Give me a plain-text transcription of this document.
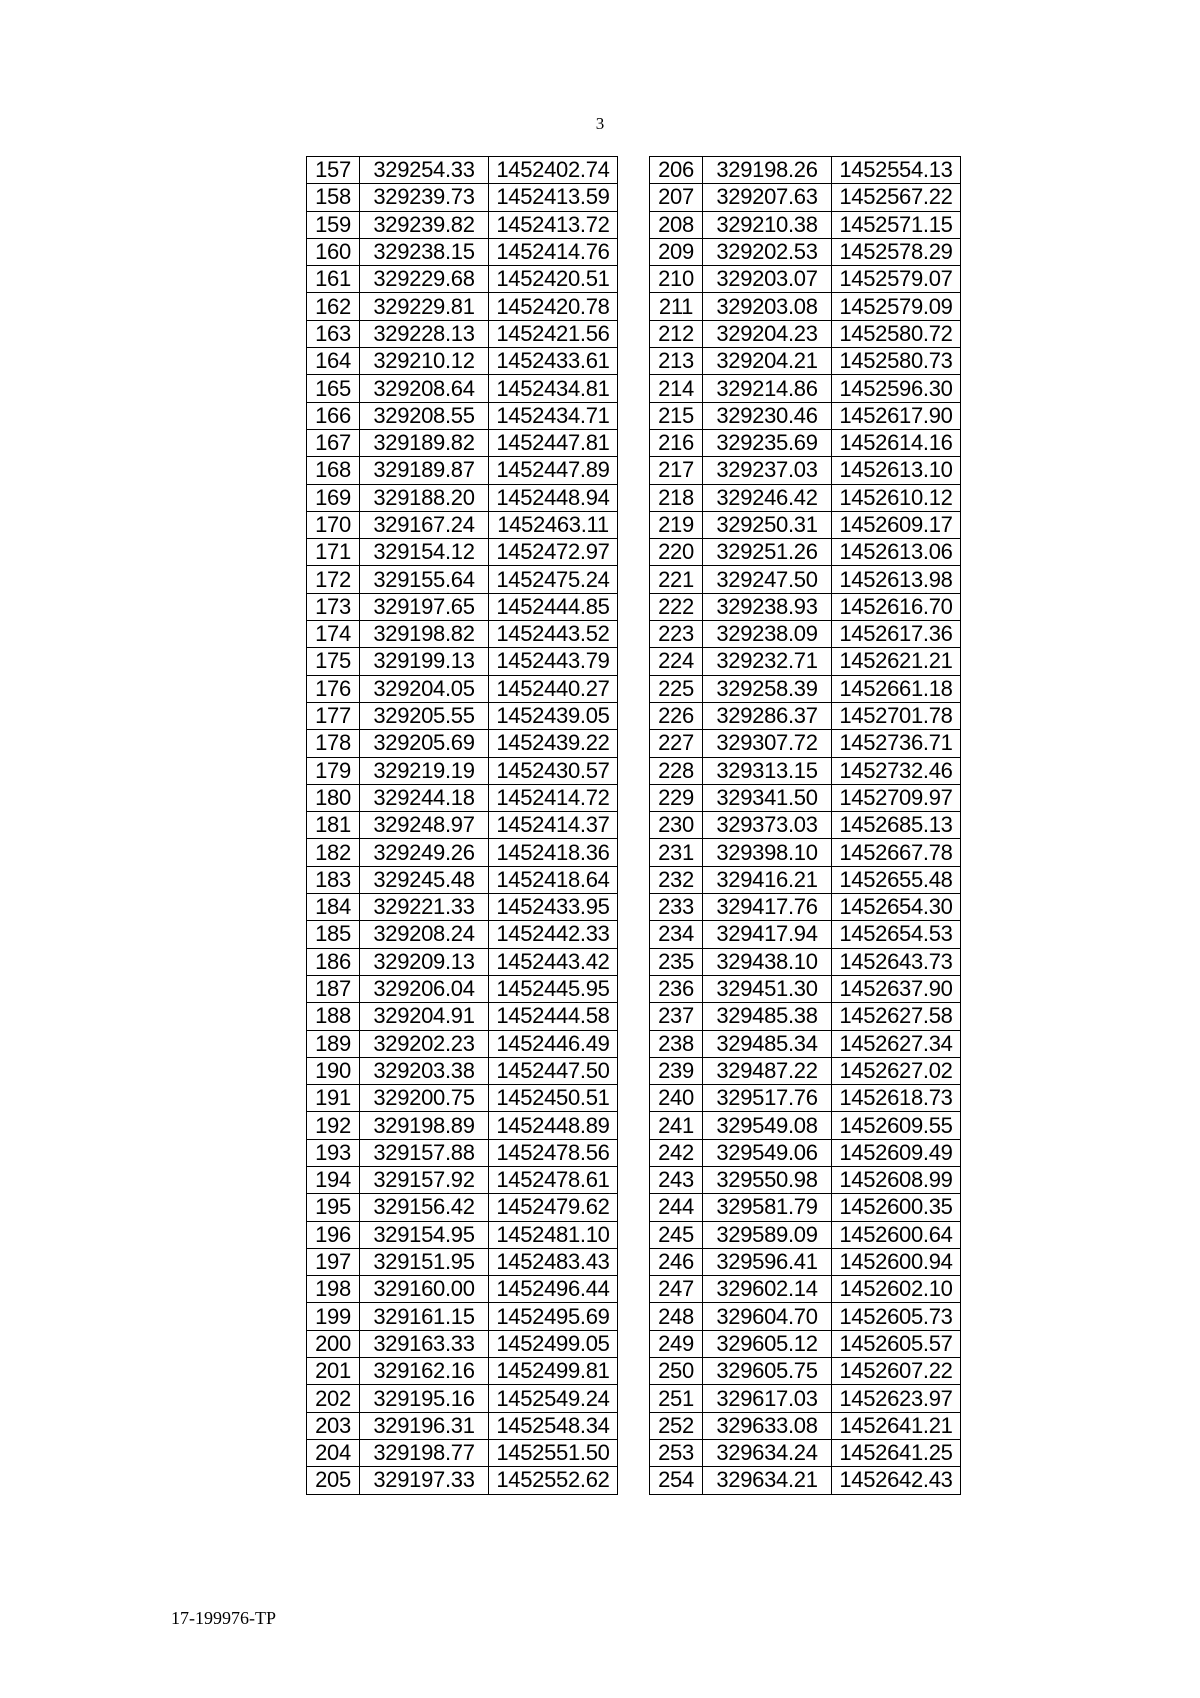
3
157	329254.33	1452402.74
158	329239.73	1452413.59
159	329239.82	1452413.72
160	329238.15	1452414.76
161	329229.68	1452420.51
162	329229.81	1452420.78
163	329228.13	1452421.56
164	329210.12	1452433.61
165	329208.64	1452434.81
166	329208.55	1452434.71
167	329189.82	1452447.81
168	329189.87	1452447.89
169	329188.20	1452448.94
170	329167.24	1452463.11
171	329154.12	1452472.97
172	329155.64	1452475.24
173	329197.65	1452444.85
174	329198.82	1452443.52
175	329199.13	1452443.79
176	329204.05	1452440.27
177	329205.55	1452439.05
178	329205.69	1452439.22
179	329219.19	1452430.57
180	329244.18	1452414.72
181	329248.97	1452414.37
182	329249.26	1452418.36
183	329245.48	1452418.64
184	329221.33	1452433.95
185	329208.24	1452442.33
186	329209.13	1452443.42
187	329206.04	1452445.95
188	329204.91	1452444.58
189	329202.23	1452446.49
190	329203.38	1452447.50
191	329200.75	1452450.51
192	329198.89	1452448.89
193	329157.88	1452478.56
194	329157.92	1452478.61
195	329156.42	1452479.62
196	329154.95	1452481.10
197	329151.95	1452483.43
198	329160.00	1452496.44
199	329161.15	1452495.69
200	329163.33	1452499.05
201	329162.16	1452499.81
202	329195.16	1452549.24
203	329196.31	1452548.34
204	329198.77	1452551.50
205	329197.33	1452552.62
206	329198.26	1452554.13
207	329207.63	1452567.22
208	329210.38	1452571.15
209	329202.53	1452578.29
210	329203.07	1452579.07
211	329203.08	1452579.09
212	329204.23	1452580.72
213	329204.21	1452580.73
214	329214.86	1452596.30
215	329230.46	1452617.90
216	329235.69	1452614.16
217	329237.03	1452613.10
218	329246.42	1452610.12
219	329250.31	1452609.17
220	329251.26	1452613.06
221	329247.50	1452613.98
222	329238.93	1452616.70
223	329238.09	1452617.36
224	329232.71	1452621.21
225	329258.39	1452661.18
226	329286.37	1452701.78
227	329307.72	1452736.71
228	329313.15	1452732.46
229	329341.50	1452709.97
230	329373.03	1452685.13
231	329398.10	1452667.78
232	329416.21	1452655.48
233	329417.76	1452654.30
234	329417.94	1452654.53
235	329438.10	1452643.73
236	329451.30	1452637.90
237	329485.38	1452627.58
238	329485.34	1452627.34
239	329487.22	1452627.02
240	329517.76	1452618.73
241	329549.08	1452609.55
242	329549.06	1452609.49
243	329550.98	1452608.99
244	329581.79	1452600.35
245	329589.09	1452600.64
246	329596.41	1452600.94
247	329602.14	1452602.10
248	329604.70	1452605.73
249	329605.12	1452605.57
250	329605.75	1452607.22
251	329617.03	1452623.97
252	329633.08	1452641.21
253	329634.24	1452641.25
254	329634.21	1452642.43
17-199976-TP
